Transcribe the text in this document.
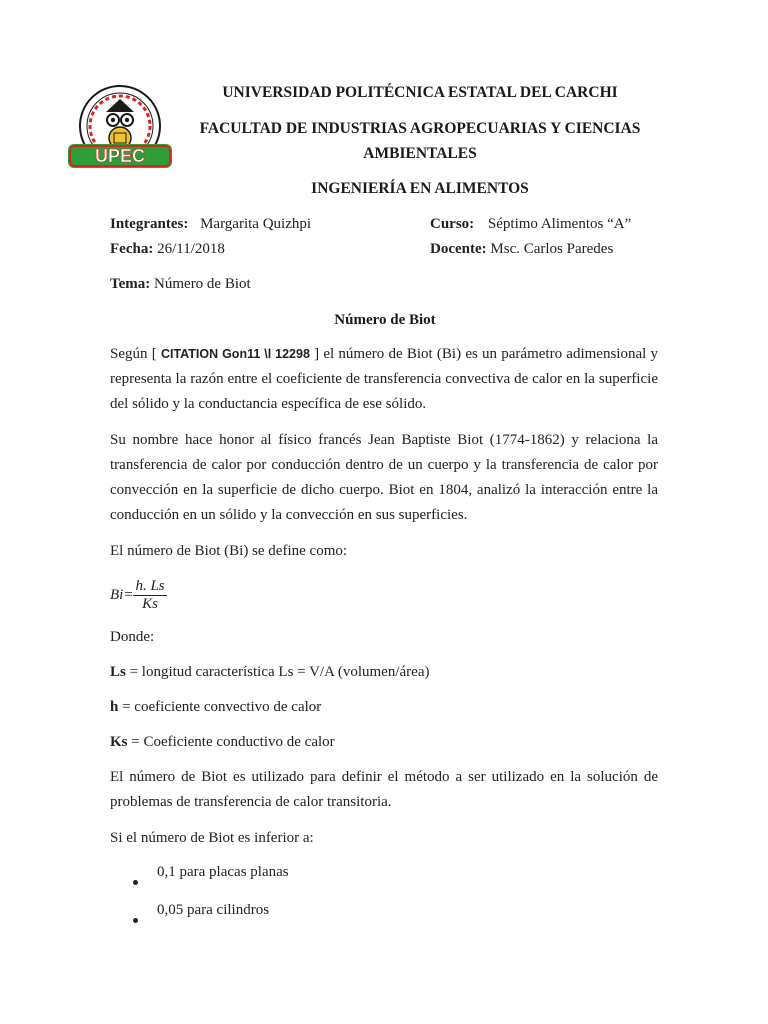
UPEC
UNIVERSIDAD POLITÉCNICA ESTATAL DEL CARCHI
FACULTAD DE INDUSTRIAS AGROPECUARIAS Y CIENCIAS
AMBIENTALES
INGENIERÍA EN ALIMENTOS
Integrantes: Margarita Quizhpi	Curso: Séptimo Alimentos “A”
Fecha: 26/11/2018	Docente: Msc. Carlos Paredes
Tema: Número de Biot
Número de Biot
Según [ CITATION Gon11 \l 12298 ] el número de Biot (Bi) es un parámetro adimensional y representa la razón entre el coeficiente de transferencia convectiva de calor en la superficie del sólido y la conductancia específica de ese sólido.
Su nombre hace honor al físico francés Jean Baptiste Biot (1774-1862) y relaciona la transferencia de calor por conducción dentro de un cuerpo y la transferencia de calor por convección en la superficie de dicho cuerpo. Biot en 1804, analizó la interacción entre la conducción en un sólido y la convección en sus superficies.
El número de Biot (Bi) se define como:
$Bi= \frac{h. Ls}{Ks}$
Donde:
Ls = longitud característica Ls = V/A (volumen/área)
h = coeficiente convectivo de calor
Ks = Coeficiente conductivo de calor
El número de Biot es utilizado para definir el método a ser utilizado en la solución de problemas de transferencia de calor transitoria.
Si el número de Biot es inferior a:
0,1 para placas planas
0,05 para cilindros
